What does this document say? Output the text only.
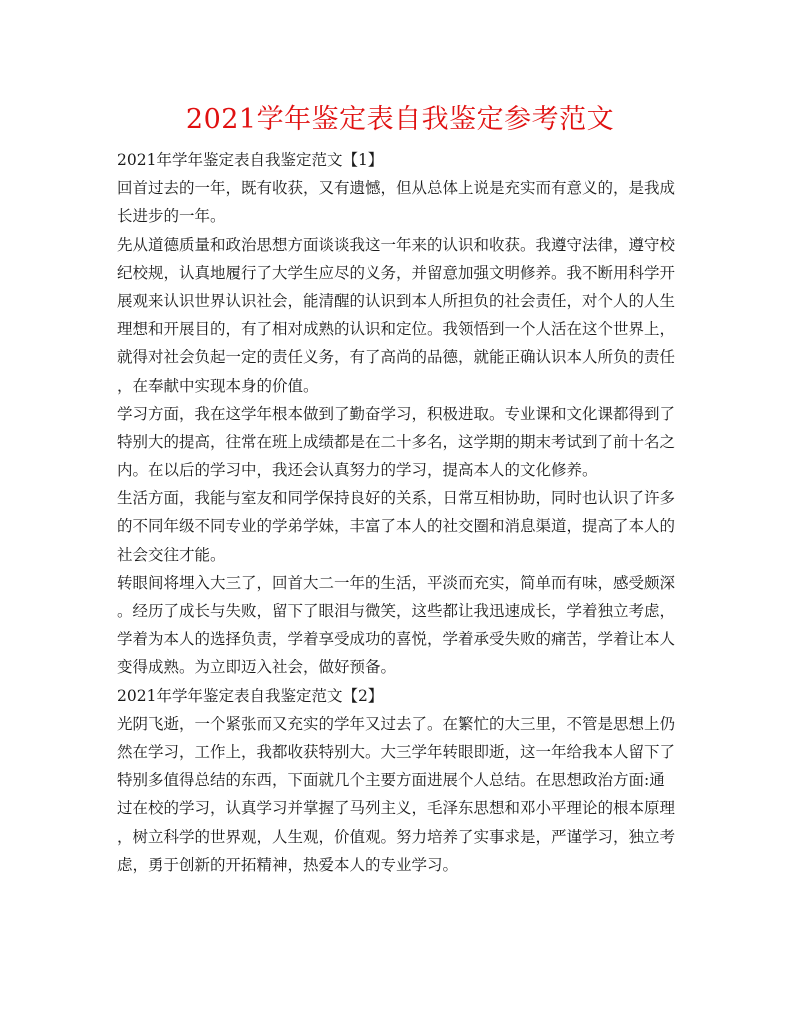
2021学年鉴定表自我鉴定参考范文
2021年学年鉴定表自我鉴定范文【1】
回首过去的一年，既有收获，又有遗憾，但从总体上说是充实而有意义的，是我成
长进步的一年。
先从道德质量和政治思想方面谈谈我这一年来的认识和收获。我遵守法律，遵守校
纪校规，认真地履行了大学生应尽的义务，并留意加强文明修养。我不断用科学开
展观来认识世界认识社会，能清醒的认识到本人所担负的社会责任，对个人的人生
理想和开展目的，有了相对成熟的认识和定位。我领悟到一个人活在这个世界上，
就得对社会负起一定的责任义务，有了高尚的品德，就能正确认识本人所负的责任
，在奉献中实现本身的价值。
学习方面，我在这学年根本做到了勤奋学习，积极进取。专业课和文化课都得到了
特别大的提高，往常在班上成绩都是在二十多名，这学期的期末考试到了前十名之
内。在以后的学习中，我还会认真努力的学习，提高本人的文化修养。
生活方面，我能与室友和同学保持良好的关系，日常互相协助，同时也认识了许多
的不同年级不同专业的学弟学妹，丰富了本人的社交圈和消息渠道，提高了本人的
社会交往才能。
转眼间将埋入大三了，回首大二一年的生活，平淡而充实，简单而有味，感受颇深
。经历了成长与失败，留下了眼泪与微笑，这些都让我迅速成长，学着独立考虑，
学着为本人的选择负责，学着享受成功的喜悦，学着承受失败的痛苦，学着让本人
变得成熟。为立即迈入社会，做好预备。
2021年学年鉴定表自我鉴定范文【2】
光阴飞逝，一个紧张而又充实的学年又过去了。在繁忙的大三里，不管是思想上仍
然在学习，工作上，我都收获特别大。大三学年转眼即逝，这一年给我本人留下了
特别多值得总结的东西，下面就几个主要方面进展个人总结。在思想政治方面:通
过在校的学习，认真学习并掌握了马列主义，毛泽东思想和邓小平理论的根本原理
，树立科学的世界观，人生观，价值观。努力培养了实事求是，严谨学习，独立考
虑，勇于创新的开拓精神，热爱本人的专业学习。
